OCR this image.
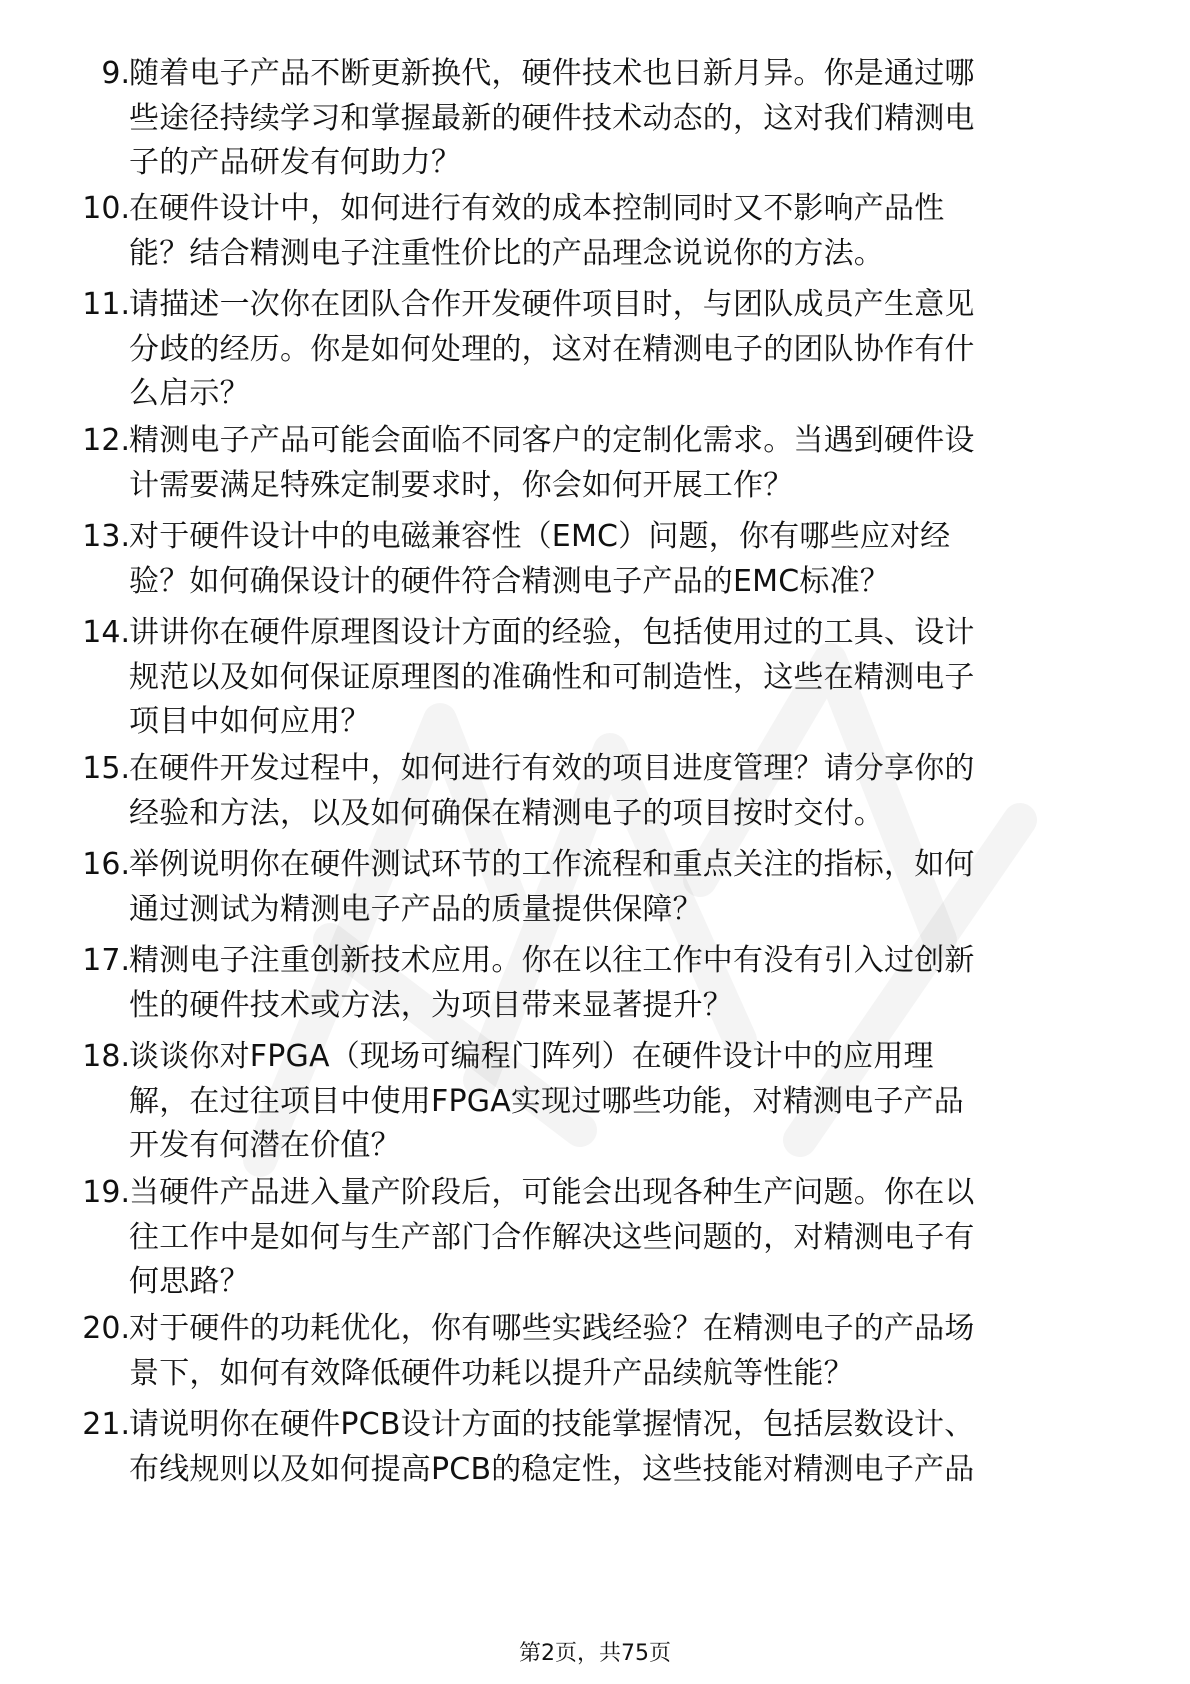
9. 随着电子产品不断更新换代，硬件技术也日新月异。你是通过哪
些途径持续学习和掌握最新的硬件技术动态的，这对我们精测电
子的产品研发有何助力？
10. 在硬件设计中，如何进行有效的成本控制同时又不影响产品性
能？结合精测电子注重性价比的产品理念说说你的方法。
11. 请描述一次你在团队合作开发硬件项目时，与团队成员产生意见
分歧的经历。你是如何处理的，这对在精测电子的团队协作有什
么启示？
12. 精测电子产品可能会面临不同客户的定制化需求。当遇到硬件设
计需要满足特殊定制要求时，你会如何开展工作？
13. 对于硬件设计中的电磁兼容性（EMC）问题，你有哪些应对经
验？如何确保设计的硬件符合精测电子产品的EMC标准？
14. 讲讲你在硬件原理图设计方面的经验，包括使用过的工具、设计
规范以及如何保证原理图的准确性和可制造性，这些在精测电子
项目中如何应用？
15. 在硬件开发过程中，如何进行有效的项目进度管理？请分享你的
经验和方法，以及如何确保在精测电子的项目按时交付。
16. 举例说明你在硬件测试环节的工作流程和重点关注的指标，如何
通过测试为精测电子产品的质量提供保障？
17. 精测电子注重创新技术应用。你在以往工作中有没有引入过创新
性的硬件技术或方法，为项目带来显著提升？
18. 谈谈你对FPGA（现场可编程门阵列）在硬件设计中的应用理
解，在过往项目中使用FPGA实现过哪些功能，对精测电子产品
开发有何潜在价值？
19. 当硬件产品进入量产阶段后，可能会出现各种生产问题。你在以
往工作中是如何与生产部门合作解决这些问题的，对精测电子有
何思路？
20. 对于硬件的功耗优化，你有哪些实践经验？在精测电子的产品场
景下，如何有效降低硬件功耗以提升产品续航等性能？
21. 请说明你在硬件PCB设计方面的技能掌握情况，包括层数设计、
布线规则以及如何提高PCB的稳定性，这些技能对精测电子产品
第2页，共75页
